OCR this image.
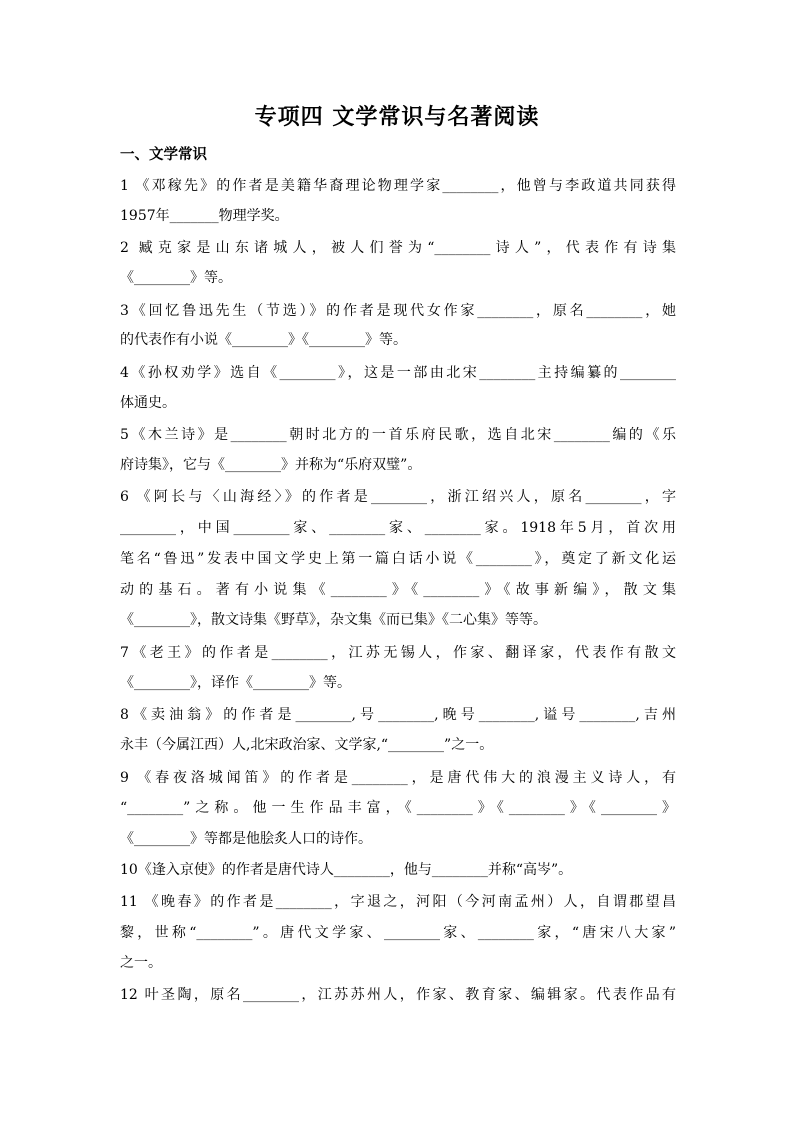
专项四 文学常识与名著阅读
一、文学常识
1 《邓稼先》的作者是美籍华裔理论物理学家________，他曾与李政道共同获得
1957年_______物理学奖。
2 臧克家是山东诸城人，被人们誉为“________诗人”，代表作有诗集
《________》等。
3《回忆鲁迅先生（节选）》的作者是现代女作家________，原名________，她
的代表作有小说《________》《________》等。
4《孙权劝学》选自《________》，这是一部由北宋________主持编纂的________
体通史。
5《木兰诗》是________朝时北方的一首乐府民歌，选自北宋________编的《乐
府诗集》，它与《________》并称为“乐府双璧”。
6 《阿长与〈山海经〉》的作者是________，浙江绍兴人，原名________，字
________，中国________家、________家、________家。1918年5月，首次用
笔名“鲁迅”发表中国文学史上第一篇白话小说《________》，奠定了新文化运
动的基石。著有小说集《________》《________》《故事新编》，散文集
《________》，散文诗集《野草》，杂文集《而已集》《二心集》等等。
7《老王》的作者是________，江苏无锡人，作家、翻译家，代表作有散文
《________》，译作《________》等。
8《卖油翁》的作者是________,号________,晚号________,谥号________,吉州
永丰（今属江西）人,北宋政治家、文学家,“________”之一。
9 《春夜洛城闻笛》的作者是________，是唐代伟大的浪漫主义诗人，有
“________”之称。他一生作品丰富，《________》《________》《________》
《________》等都是他脍炙人口的诗作。
10《逢入京使》的作者是唐代诗人________，他与________并称“高岑”。
11 《晚春》的作者是________，字退之，河阳（今河南孟州）人，自谓郡望昌
黎，世称“________”。唐代文学家、________家、________家，“唐宋八大家”
之一。
12 叶圣陶，原名________，江苏苏州人，作家、教育家、编辑家。代表作品有
